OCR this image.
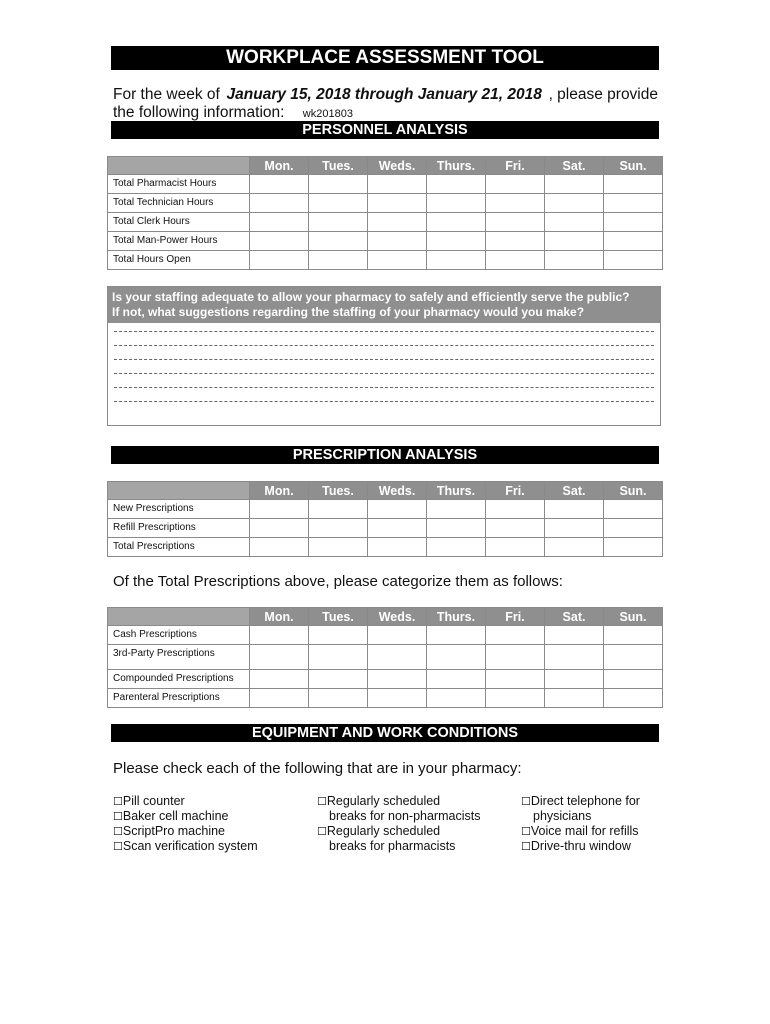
WORKPLACE ASSESSMENT TOOL
For the week of January 15, 2018 through January 21, 2018 , please provide
the following information: wk201803
PERSONNEL ANALYSIS
	Mon.	Tues.	Weds.	Thurs.	Fri.	Sat.	Sun.
Total Pharmacist Hours							
Total Technician Hours							
Total Clerk Hours							
Total Man-Power Hours							
Total Hours Open							
Is your staffing adequate to allow your pharmacy to safely and efficiently serve the public?
If not, what suggestions regarding the staffing of your pharmacy would you make?
PRESCRIPTION ANALYSIS
	Mon.	Tues.	Weds.	Thurs.	Fri.	Sat.	Sun.
New Prescriptions							
Refill Prescriptions							
Total Prescriptions							
Of the Total Prescriptions above, please categorize them as follows:
	Mon.	Tues.	Weds.	Thurs.	Fri.	Sat.	Sun.
Cash Prescriptions							
3rd-Party Prescriptions							
Compounded Prescriptions							
Parenteral Prescriptions							
EQUIPMENT AND WORK CONDITIONS
Please check each of the following that are in your pharmacy:
☐Pill counter
☐Baker cell machine
☐ScriptPro machine
☐Scan verification system
☐Regularly scheduled
breaks for non-pharmacists
☐Regularly scheduled
breaks for pharmacists
☐Direct telephone for
physicians
☐Voice mail for refills
☐Drive-thru window
